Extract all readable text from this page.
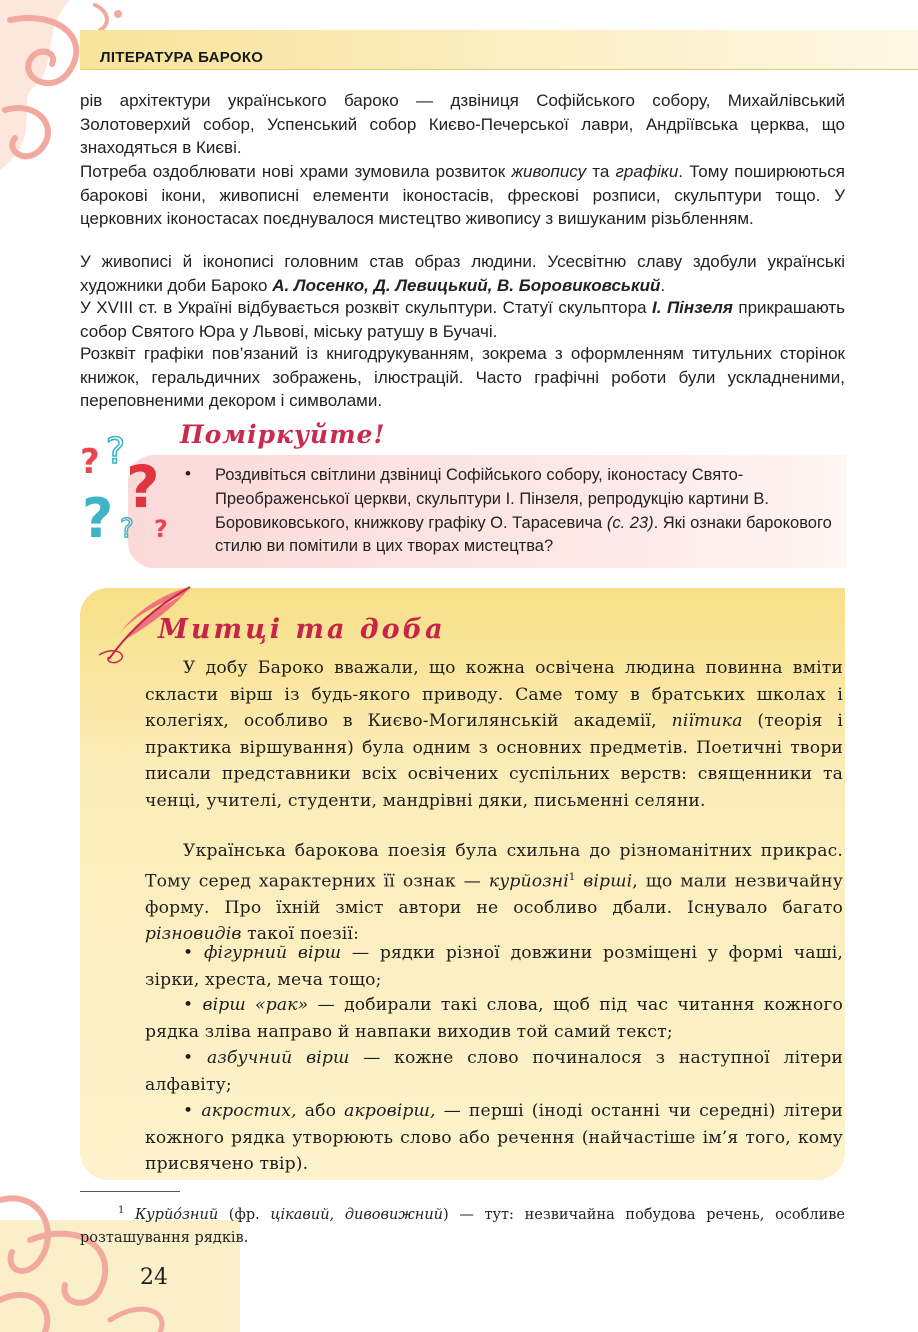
ЛІТЕРАТУРА БАРОКО

рів архітектури українського бароко — дзвіниця Софійського собору, Михайлівський Золотоверхий собор, Успенський собор Києво-Печерської лаври, Андріївська церква, що знаходяться в Києві.

Потреба оздоблювати нові храми зумовила розвиток живопису та графіки. Тому поширюються барокові ікони, живописні елементи іконостасів, фрескові розписи, скульптури тощо. У церковних іконостасах поєднувалося мистецтво живопису з вишуканим різьбленням.

У живописі й іконописі головним став образ людини. Усесвітню славу здобули українські художники доби Бароко А. Лосенко, Д. Левицький, В. Боровиковський.

У XVIII ст. в Україні відбувається розквіт скульптури. Статуї скульптора І. Пінзеля прикрашають собор Святого Юра у Львові, міську ратушу в Бучачі.

Розквіт графіки пов’язаний із книгодрукуванням, зокрема з оформленням титульних сторінок книжок, геральдичних зображень, ілюстрацій. Часто графічні роботи були ускладненими, переповненими декором і символами.

? ?
?
? ? ?
Поміркуйте!
• Роздивіться світлини дзвіниці Софійського собору, іконостасу Свято-Преображенської церкви, скульптури І. Пінзеля, репродукцію картини В. Боровиковського, книжкову графіку О. Тарасевича (с. 23). Які ознаки барокового стилю ви помітили в цих творах мистецтва?

Митці та доба

У добу Бароко вважали, що кожна освічена людина повинна вміти скласти вірш із будь-якого приводу. Саме тому в братських школах і колегіях, особливо в Києво-Могилянській академії, піїтика (теорія і практика віршування) була одним з основних предметів. Поетичні твори писали представники всіх освічених суспільних верств: священники та ченці, учителі, студенти, мандрівні дяки, письменні селяни.

Українська барокова поезія була схильна до різноманітних прикрас. Тому серед характерних її ознак — курйозні$^1$ вірші, що мали незвичайну форму. Про їхній зміст автори не особливо дбали. Існувало багато різновидів такої поезії:

• фігурний вірш — рядки різної довжини розміщені у формі чаші, зірки, хреста, меча тощо;

• вірш «рак» — добирали такі слова, щоб під час читання кожного рядка зліва направо й навпаки виходив той самий текст;

• азбучний вірш — кожне слово починалося з наступної літери алфавіту;

• акростих, або акровірш, — перші (іноді останні чи середні) літери кожного рядка утворюють слово або речення (найчастіше ім’я того, кому присвячено твір).

$^1$ Курйо́зний (фр. цікавий, дивовижний) — тут: незвичайна побудова речень, особливе розташування рядків.

24
